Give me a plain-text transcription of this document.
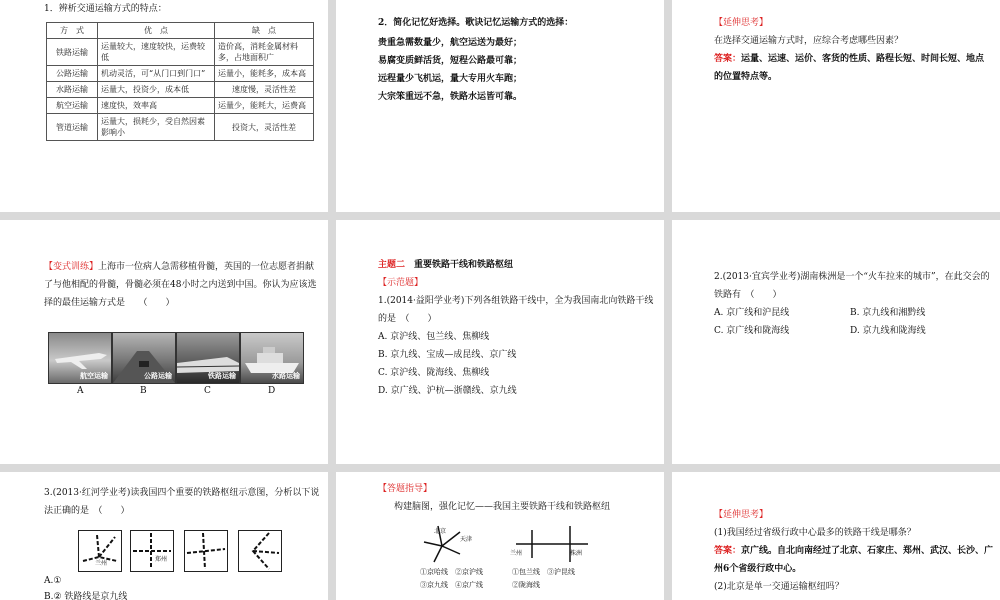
1．辨析交通运输方式的特点：
方　式	优　点	缺　点
铁路运输	运量较大，速度较快，运费较低	造价高，消耗金属材料多，占地面积广
公路运输	机动灵活，可“从门口到门口”	运量小，能耗多，成本高
水路运输	运量大，投资少，成本低	速度慢，灵活性差
航空运输	速度快，效率高	运量少，能耗大，运费高
管道运输	运量大，损耗少，受自然因素影响小	投资大，灵活性差
2．简化记忆好选择。歌诀记忆运输方式的选择：
贵重急需数量少，航空运送为最好；
易腐变质鲜活货，短程公路最可靠；
远程量少飞机运，量大专用火车跑；
大宗笨重远不急，铁路水运皆可靠。
【延伸思考】
在选择交通运输方式时，应综合考虑哪些因素？
答案：运量、运速、运价、客货的性质、路程长短、时间长短、地点的位置特点等。
【变式训练】上海市一位病人急需移植骨髓，英国的一位志愿者捐献了与他相配的骨髓，骨髓必须在48小时之内送到中国。你认为应该选择的最佳运输方式是　　（　　）
航空运输	公路运输	铁路运输	水路运输
A	B	C	D
主题二　 重要铁路干线和铁路枢纽
【示范题】
1.(2014·益阳学业考)下列各组铁路干线中，全为我国南北向铁路干线的是　（　　）
A. 京沪线、包兰线、焦柳线
B. 京九线、宝成—成昆线、京广线
C. 京沪线、陇海线、焦柳线
D. 京广线、沪杭—浙赣线、京九线
2.(2013·宜宾学业考)湖南株洲是一个“火车拉来的城市”，在此交会的铁路有　（　　）
A. 京广线和沪昆线	B. 京九线和湘黔线
C. 京广线和陇海线	D. 京九线和陇海线
3.(2013·红河学业考)读我国四个重要的铁路枢纽示意图，分析以下说法正确的是　（　　）
兰州
郑州
A.①
B.② 铁路线是京九线
【答题指导】
构建脑图，强化记忆——我国主要铁路干线和铁路枢纽
北京
天津
兰州	株洲
①京哈线　 ②京沪线
③京九线　 ④京广线
①包兰线　 ③沪昆线
②陇海线
【延伸思考】
(1)我国经过省级行政中心最多的铁路干线是哪条？
答案：京广线。自北向南经过了北京、石家庄、郑州、武汉、长沙、广州6个省级行政中心。
(2)北京是单一交通运输枢纽吗？
